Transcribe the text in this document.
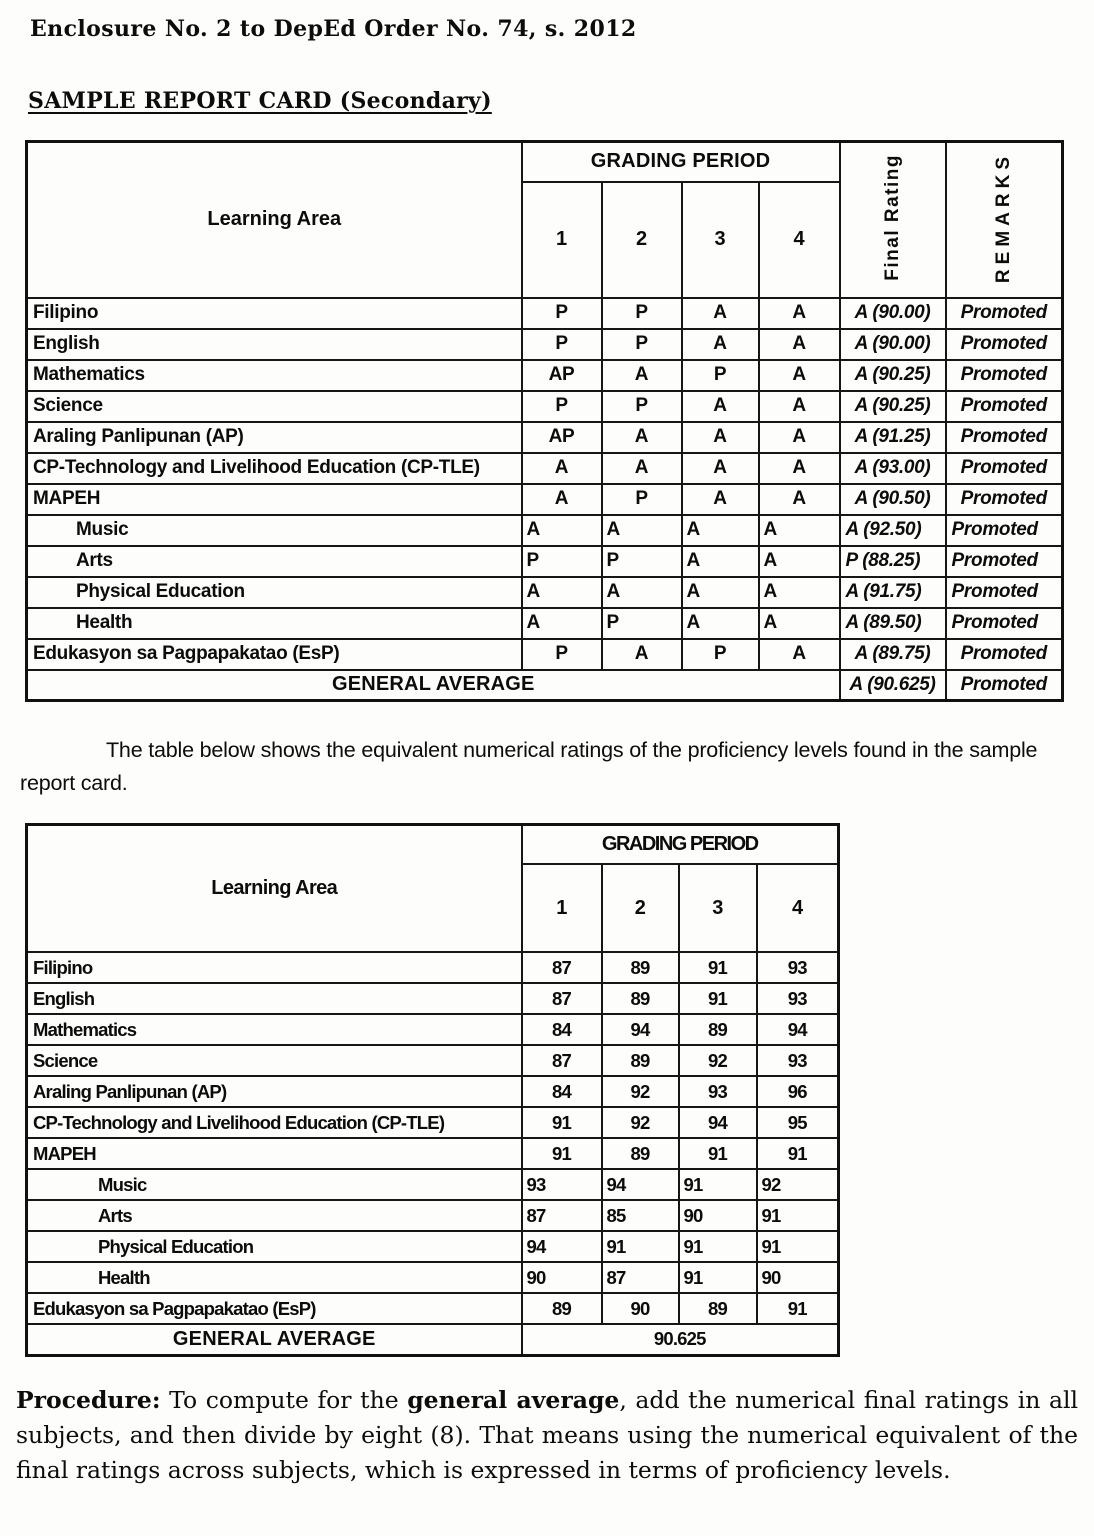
Enclosure No. 2 to DepEd Order No. 74, s. 2012
SAMPLE REPORT CARD (Secondary)
Learning Area	GRADING PERIOD				Final Rating	REMARKS
	1	2	3	4		
Filipino	P	P	A	A	A (90.00)	Promoted
English	P	P	A	A	A (90.00)	Promoted
Mathematics	AP	A	P	A	A (90.25)	Promoted
Science	P	P	A	A	A (90.25)	Promoted
Araling Panlipunan (AP)	AP	A	A	A	A (91.25)	Promoted
CP-Technology and Livelihood Education (CP-TLE)	A	A	A	A	A (93.00)	Promoted
MAPEH	A	P	A	A	A (90.50)	Promoted
Music	A	A	A	A	A (92.50)	Promoted
Arts	P	P	A	A	P (88.25)	Promoted
Physical Education	A	A	A	A	A (91.75)	Promoted
Health	A	P	A	A	A (89.50)	Promoted
Edukasyon sa Pagpapakatao (EsP)	P	A	P	A	A (89.75)	Promoted
GENERAL AVERAGE					A (90.625)	Promoted

The table below shows the equivalent numerical ratings of the proficiency levels found in the sample report card.

Learning Area	GRADING PERIOD			
	1	2	3	4
Filipino	87	89	91	93
English	87	89	91	93
Mathematics	84	94	89	94
Science	87	89	92	93
Araling Panlipunan (AP)	84	92	93	96
CP-Technology and Livelihood Education (CP-TLE)	91	92	94	95
MAPEH	91	89	91	91
Music	93	94	91	92
Arts	87	85	90	91
Physical Education	94	91	91	91
Health	90	87	91	90
Edukasyon sa Pagpapakatao (EsP)	89	90	89	91
GENERAL AVERAGE	90.625			

Procedure: To compute for the general average, add the numerical final ratings in all subjects, and then divide by eight (8). That means using the numerical equivalent of the final ratings across subjects, which is expressed in terms of proficiency levels.
